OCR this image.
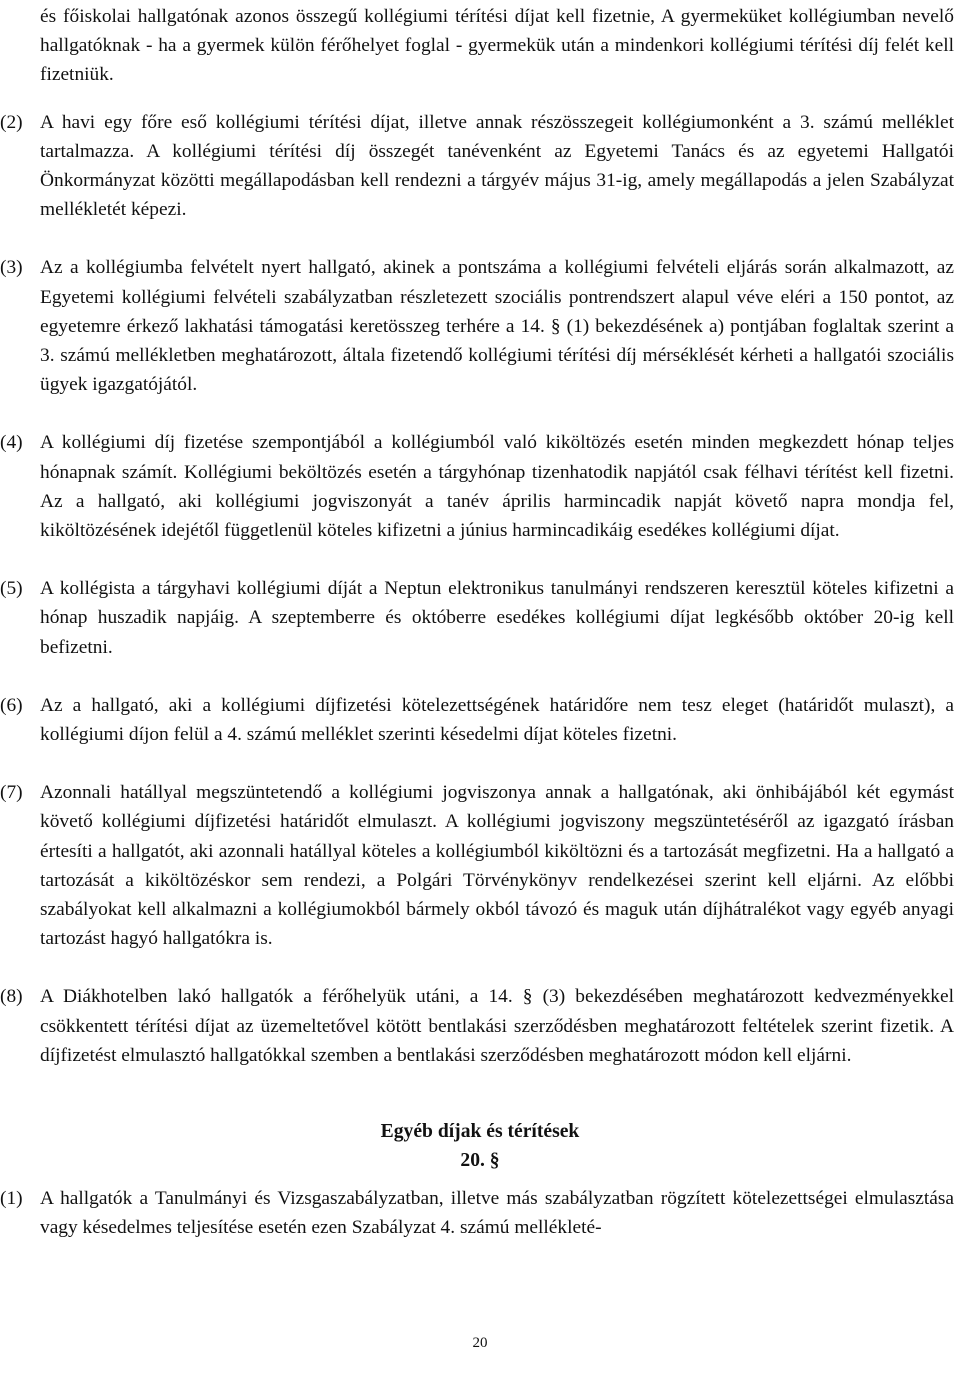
és főiskolai hallgatónak azonos összegű kollégiumi térítési díjat kell fizetnie, A gyermeküket kollégiumban nevelő hallgatóknak - ha a gyermek külön férőhelyet foglal - gyermekük után a mindenkori kollégiumi térítési díj felét kell fizetniük.

(2) A havi egy főre eső kollégiumi térítési díjat, illetve annak részösszegeit kollégiumonként a 3. számú melléklet tartalmazza. A kollégiumi térítési díj összegét tanévenként az Egyetemi Tanács és az egyetemi Hallgatói Önkormányzat közötti megállapodásban kell rendezni a tárgyév május 31-ig, amely megállapodás a jelen Szabályzat mellékletét képezi.

(3) Az a kollégiumba felvételt nyert hallgató, akinek a pontszáma a kollégiumi felvételi eljárás során alkalmazott, az Egyetemi kollégiumi felvételi szabályzatban részletezett szociális pontrendszert alapul véve eléri a 150 pontot, az egyetemre érkező lakhatási támogatási keretösszeg terhére a 14. § (1) bekezdésének a) pontjában foglaltak szerint a 3. számú mellékletben meghatározott, általa fizetendő kollégiumi térítési díj mérséklését kérheti a hallgatói szociális ügyek igazgatójától.

(4) A kollégiumi díj fizetése szempontjából a kollégiumból való kiköltözés esetén minden megkezdett hónap teljes hónapnak számít. Kollégiumi beköltözés esetén a tárgyhónap tizenhatodik napjától csak félhavi térítést kell fizetni. Az a hallgató, aki kollégiumi jogviszonyát a tanév április harmincadik napját követő napra mondja fel, kiköltözésének idejétől függetlenül köteles kifizetni a június harmincadikáig esedékes kollégiumi díjat.

(5) A kollégista a tárgyhavi kollégiumi díját a Neptun elektronikus tanulmányi rendszeren keresztül köteles kifizetni a hónap huszadik napjáig. A szeptemberre és októberre esedékes kollégiumi díjat legkésőbb október 20-ig kell befizetni.

(6) Az a hallgató, aki a kollégiumi díjfizetési kötelezettségének határidőre nem tesz eleget (határidőt mulaszt), a kollégiumi díjon felül a 4. számú melléklet szerinti késedelmi díjat köteles fizetni.

(7) Azonnali hatállyal megszüntetendő a kollégiumi jogviszonya annak a hallgatónak, aki önhibájából két egymást követő kollégiumi díjfizetési határidőt elmulaszt. A kollégiumi jogviszony megszüntetéséről az igazgató írásban értesíti a hallgatót, aki azonnali hatállyal köteles a kollégiumból kiköltözni és a tartozását megfizetni. Ha a hallgató a tartozását a kiköltözéskor sem rendezi, a Polgári Törvénykönyv rendelkezései szerint kell eljárni. Az előbbi szabályokat kell alkalmazni a kollégiumokból bármely okból távozó és maguk után díjhátralékot vagy egyéb anyagi tartozást hagyó hallgatókra is.

(8) A Diákhotelben lakó hallgatók a férőhelyük utáni, a 14. § (3) bekezdésében meghatározott kedvezményekkel csökkentett térítési díjat az üzemeltetővel kötött bentlakási szerződésben meghatározott feltételek szerint fizetik. A díjfizetést elmulasztó hallgatókkal szemben a bentlakási szerződésben meghatározott módon kell eljárni.

Egyéb díjak és térítések

20. §

(1) A hallgatók a Tanulmányi és Vizsgaszabályzatban, illetve más szabályzatban rögzített kötelezettségei elmulasztása vagy késedelmes teljesítése esetén ezen Szabályzat 4. számú mellékleté-

20
